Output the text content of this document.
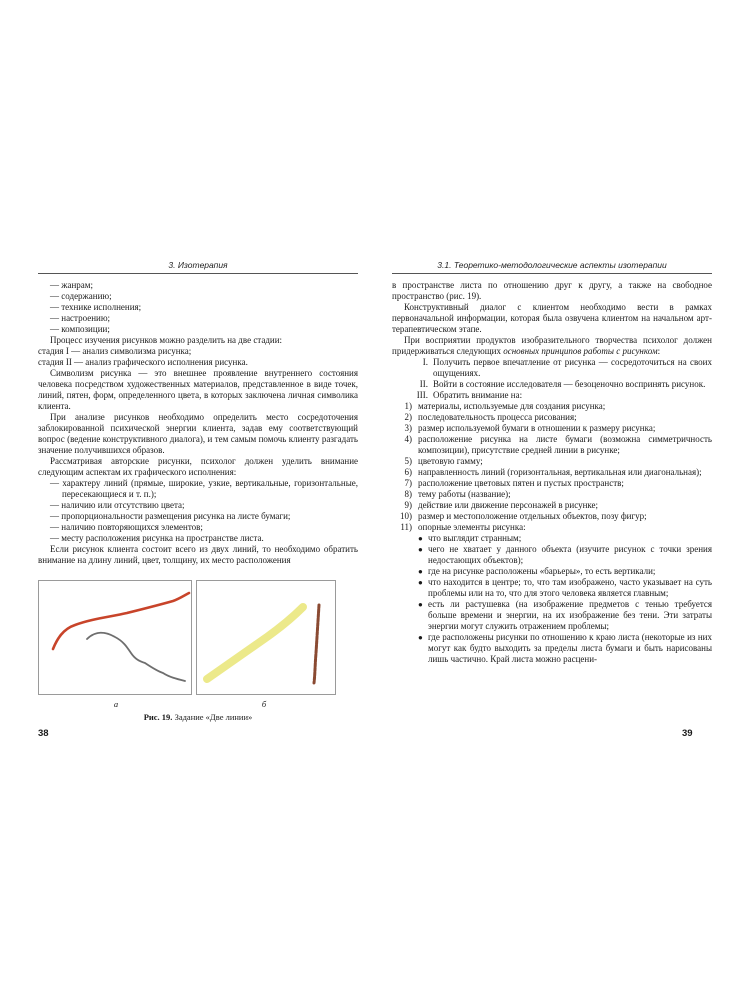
3. Изотерапия

— жанрам;

— содержанию;

— технике исполнения;

— настроению;

— композиции;

Процесс изучения рисунков можно разделить на две стадии:

стадия I — анализ символизма рисунка;

стадия II — анализ графического исполнения рисунка.

Символизм рисунка — это внешнее проявление внутреннего состояния человека посредством художественных материалов, представленное в виде точек, линий, пятен, форм, определенного цвета, в которых заключена личная символика клиента.

При анализе рисунков необходимо определить место сосредоточения заблокированной психической энергии клиента, задав ему соответствующий вопрос (ведение конструктивного диалога), и тем самым помочь клиенту разгадать значение получившихся образов.

Рассматривая авторские рисунки, психолог должен уделить внимание следующим аспектам их графического исполнения:

— характеру линий (прямые, широкие, узкие, вертикальные, горизонтальные, пересекающиеся и т. п.);

— наличию или отсутствию цвета;

— пропорциональности размещения рисунка на листе бумаги;

— наличию повторяющихся элементов;

— месту расположения рисунка на пространстве листа.

Если рисунок клиента состоит всего из двух линий, то необходимо обратить внимание на длину линий, цвет, толщину, их место расположения

а	б
Рис. 19. Задание «Две линии»
3.1. Теоретико-методологические аспекты изотерапии

в пространстве листа по отношению друг к другу, а также на свободное пространство (рис. 19).

Конструктивный диалог с клиентом необходимо вести в рамках первоначальной информации, которая была озвучена клиентом на начальном арт-терапевтическом этапе.

При восприятии продуктов изобразительного творчества психолог должен придерживаться следующих основных принципов работы с рисунком:

I. Получить первое впечатление от рисунка — сосредоточиться на своих ощущениях.
II. Войти в состояние исследователя — безоценочно воспринять рисунок.
III. Обратить внимание на:
1) материалы, используемые для создания рисунка;
2) последовательность процесса рисования;
3) размер используемой бумаги в отношении к размеру рисунка;
4) расположение рисунка на листе бумаги (возможна симметричность композиции), присутствие средней линии в рисунке;
5) цветовую гамму;
6) направленность линий (горизонтальная, вертикальная или диагональная);
7) расположение цветовых пятен и пустых пространств;
8) тему работы (название);
9) действие или движение персонажей в рисунке;
10) размер и местоположение отдельных объектов, позу фигур;
11) опорные элементы рисунка:
● что выглядит странным;
● чего не хватает у данного объекта (изучите рисунок с точки зрения недостающих объектов);
● где на рисунке расположены «барьеры», то есть вертикали;
● что находится в центре; то, что там изображено, часто указывает на суть проблемы или на то, что для этого человека является главным;
● есть ли растушевка (на изображение предметов с тенью требуется больше времени и энергии, на их изображение без тени. Эти затраты энергии могут служить отражением проблемы;
● где расположены рисунки по отношению к краю листа (некоторые из них могут как будто выходить за пределы листа бумаги и быть нарисованы лишь частично. Край листа можно расцени-
38	39
